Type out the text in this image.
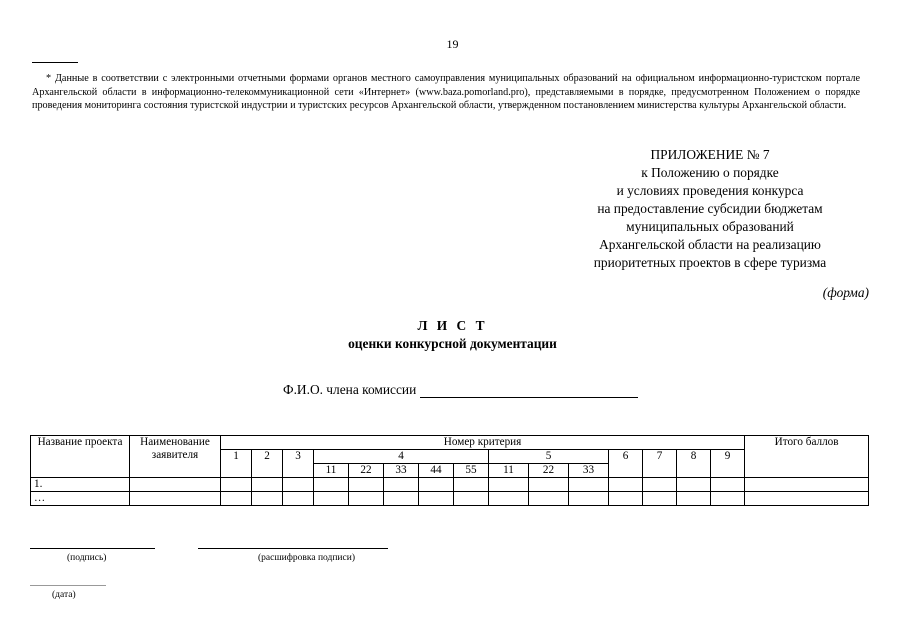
19
* Данные в соответствии с электронными отчетными формами органов местного самоуправления муниципальных образований на официальном информационно-туристском портале Архангельской области в информационно-телекоммуникационной сети «Интернет» (www.baza.pomorland.pro), представляемыми в порядке, предусмотренном Положением о порядке проведения мониторинга состояния туристской индустрии и туристских ресурсов Архангельской области, утвержденном постановлением министерства культуры Архангельской области.
ПРИЛОЖЕНИЕ № 7
к Положению о порядке
и условиях проведения конкурса
на предоставление субсидии бюджетам
муниципальных образований
Архангельской области на реализацию
приоритетных проектов в сфере туризма
(форма)
Л И С Т
оценки конкурсной документации
Ф.И.О. члена комиссии
Название проекта	Наименование заявителя	Номер критерия															Итого баллов
		1	2	3	4					5			6	7	8	9	
					11	22	33	44	55	11	22	33					
1.																	
…																	
(подпись)	(расшифровка подписи)
(дата)
